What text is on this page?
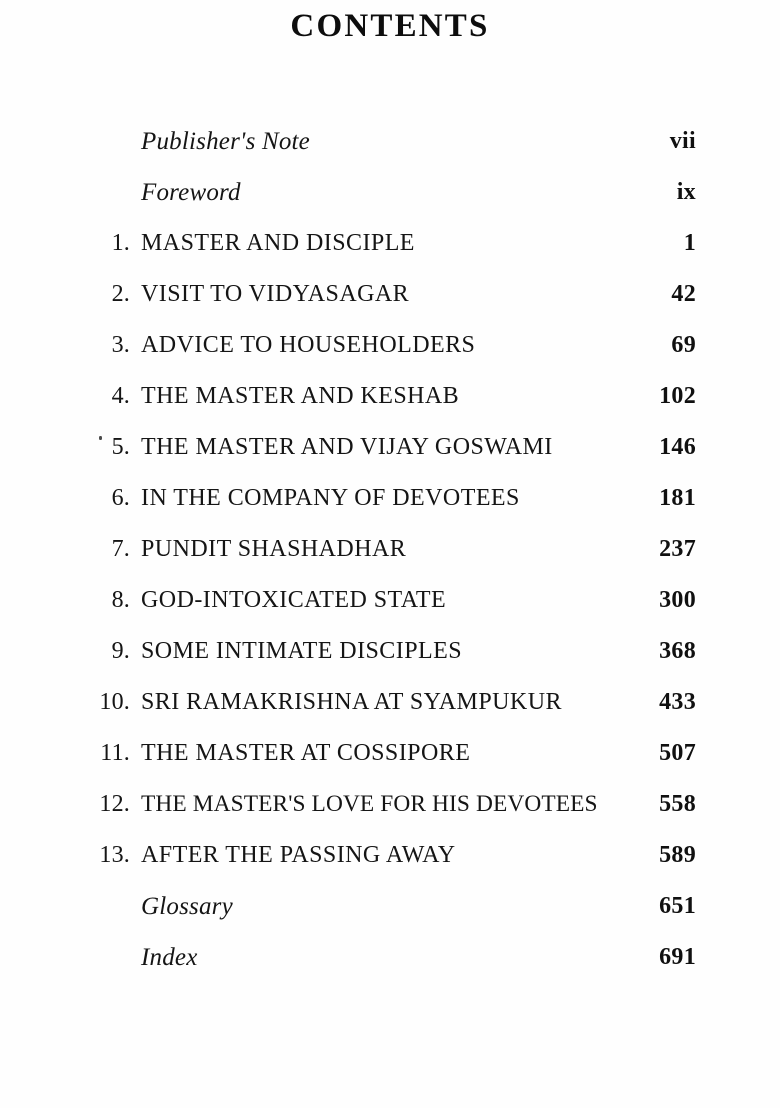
CONTENTS
Publisher's Note	vii
Foreword	ix
1. MASTER AND DISCIPLE	1
2. VISIT TO VIDYASAGAR	42
3. ADVICE TO HOUSEHOLDERS	69
4. THE MASTER AND KESHAB	102
5. THE MASTER AND VIJAY GOSWAMI	146
6. IN THE COMPANY OF DEVOTEES	181
7. PUNDIT SHASHADHAR	237
8. GOD-INTOXICATED STATE	300
9. SOME INTIMATE DISCIPLES	368
10. SRI RAMAKRISHNA AT SYAMPUKUR	433
11. THE MASTER AT COSSIPORE	507
12. THE MASTER'S LOVE FOR HIS DEVOTEES	558
13. AFTER THE PASSING AWAY	589
Glossary	651
Index	691
